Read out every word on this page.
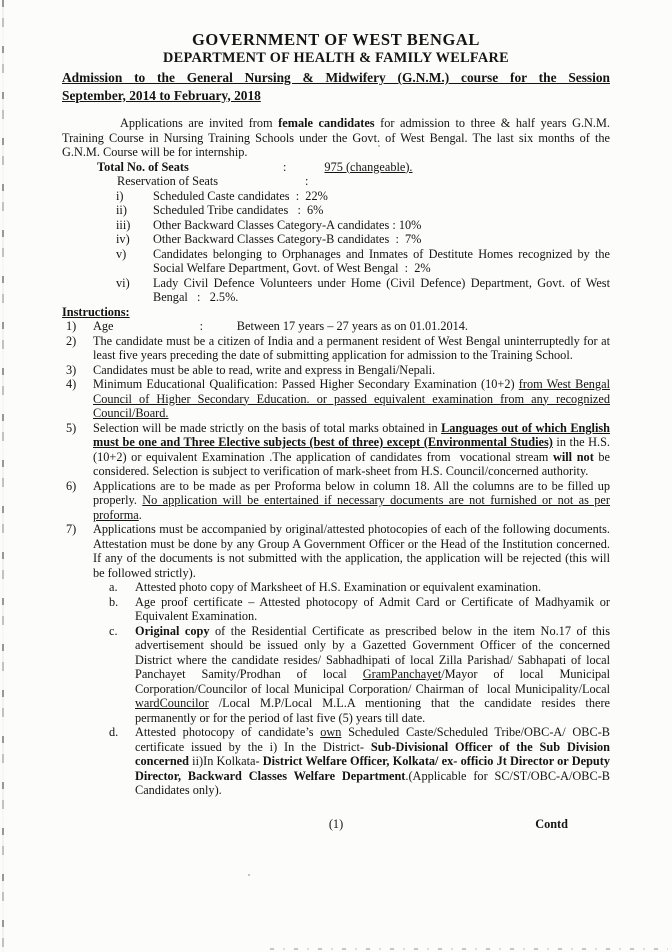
GOVERNMENT OF WEST BENGAL
DEPARTMENT OF HEALTH & FAMILY WELFARE
Admission to the General Nursing & Midwifery (G.N.M.) course for the Session
September, 2014 to February, 2018
Applications are invited from female candidates for admission to three & half years G.N.M. Training Course in Nursing Training Schools under the Govt. of West Bengal. The last six months of the G.N.M. Course will be for internship.
Total No. of Seats	:	975 (changeable).
Reservation of Seats	:
i)	Scheduled Caste candidates  :  22%
ii)	Scheduled Tribe candidates   :  6%
iii)	Other Backward Classes Category-A candidates : 10%
iv)	Other Backward Classes Category-B candidates  :  7%
v)	Candidates belonging to Orphanages and Inmates of Destitute Homes recognized by the Social Welfare Department, Govt. of West Bengal  :  2%
vi)	Lady Civil Defence Volunteers under Home (Civil Defence) Department, Govt. of West Bengal   :   2.5%.
Instructions:
1)	Age                            :           Between 17 years – 27 years as on 01.01.2014.
2)	The candidate must be a citizen of India and a permanent resident of West Bengal uninterruptedly for at least five years preceding the date of submitting application for admission to the Training School.
3)	Candidates must be able to read, write and express in Bengali/Nepali.
4)	Minimum Educational Qualification: Passed Higher Secondary Examination (10+2) from West Bengal Council of Higher Secondary Education. or passed equivalent examination from any recognized Council/Board.
5)	Selection will be made strictly on the basis of total marks obtained in Languages out of which English must be one and Three Elective subjects (best of three) except (Environmental Studies) in the H.S.(10+2) or equivalent Examination .The application of candidates from  vocational stream will not be considered. Selection is subject to verification of mark-sheet from H.S. Council/concerned authority.
6)	Applications are to be made as per Proforma below in column 18. All the columns are to be filled up properly. No application will be entertained if necessary documents are not furnished or not as per proforma.
7)	Applications must be accompanied by original/attested photocopies of each of the following documents. Attestation must be done by any Group A Government Officer or the Head of the Institution concerned. If any of the documents is not submitted with the application, the application will be rejected (this will be followed strictly).
a.	Attested photo copy of Marksheet of H.S. Examination or equivalent examination.
b.	Age proof certificate – Attested photocopy of Admit Card or Certificate of Madhyamik or Equivalent Examination.
c.	Original copy of the Residential Certificate as prescribed below in the item No.17 of this advertisement should be issued only by a Gazetted Government Officer of the concerned District where the candidate resides/ Sabhadhipati of local Zilla Parishad/ Sabhapati of local Panchayet Samity/Prodhan of local GramPanchayet/Mayor of local Municipal Corporation/Councilor of local Municipal Corporation/ Chairman of  local Municipality/Local wardCouncilor /Local M.P/Local M.L.A mentioning that the candidate resides there permanently or for the period of last five (5) years till date.
d.	Attested photocopy of candidate’s own Scheduled Caste/Scheduled Tribe/OBC-A/ OBC-B certificate issued by the i) In the District- Sub-Divisional Officer of the Sub Division concerned ii)In Kolkata- District Welfare Officer, Kolkata/ ex- officio Jt Director or Deputy Director, Backward Classes Welfare Department.(Applicable for SC/ST/OBC-A/OBC-B Candidates only).
(1)	Contd
